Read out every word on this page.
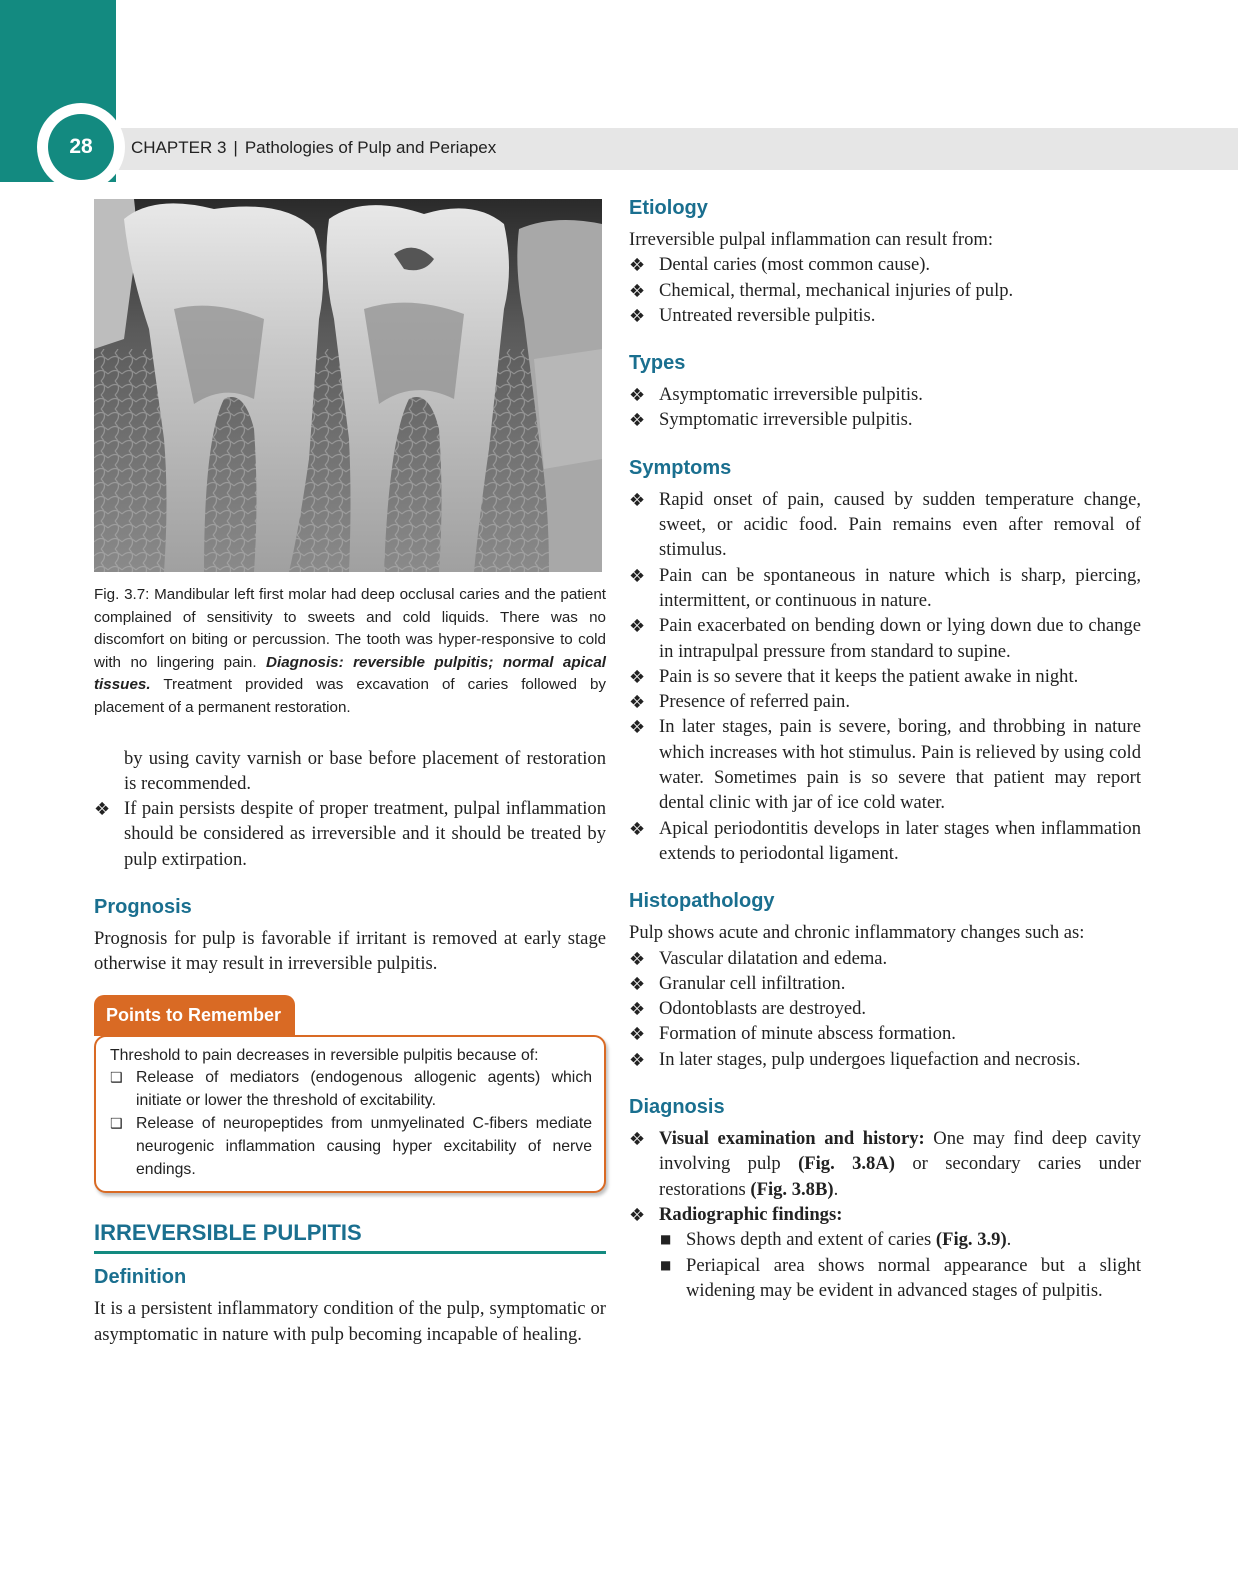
28	CHAPTER 3 | Pathologies of Pulp and Periapex
Fig. 3.7: Mandibular left first molar had deep occlusal caries and the patient complained of sensitivity to sweets and cold liquids. There was no discomfort on biting or percussion. The tooth was hyper-responsive to cold with no lingering pain. Diagnosis: reversible pulpitis; normal apical tissues. Treatment provided was excavation of caries followed by placement of a permanent restoration.
by using cavity varnish or base before placement of restoration is recommended.
❖ If pain persists despite of proper treatment, pulpal inflammation should be considered as irreversible and it should be treated by pulp extirpation.
Prognosis

Prognosis for pulp is favorable if irritant is removed at early stage otherwise it may result in irreversible pulpitis.

Points to Remember

Threshold to pain decreases in reversible pulpitis because of:

❑ Release of mediators (endogenous allogenic agents) which initiate or lower the threshold of excitability.
❑ Release of neuropeptides from unmyelinated C-fibers mediate neurogenic inflammation causing hyper excitability of nerve endings.
IRREVERSIBLE PULPITIS
Definition

It is a persistent inflammatory condition of the pulp, symptomatic or asymptomatic in nature with pulp becoming incapable of healing.

Etiology

Irreversible pulpal inflammation can result from:

❖ Dental caries (most common cause).
❖ Chemical, thermal, mechanical injuries of pulp.
❖ Untreated reversible pulpitis.
Types
❖ Asymptomatic irreversible pulpitis.
❖ Symptomatic irreversible pulpitis.
Symptoms
❖ Rapid onset of pain, caused by sudden temperature change, sweet, or acidic food. Pain remains even after removal of stimulus.
❖ Pain can be spontaneous in nature which is sharp, piercing, intermittent, or continuous in nature.
❖ Pain exacerbated on bending down or lying down due to change in intrapulpal pressure from standard to supine.
❖ Pain is so severe that it keeps the patient awake in night.
❖ Presence of referred pain.
❖ In later stages, pain is severe, boring, and throbbing in nature which increases with hot stimulus. Pain is relieved by using cold water. Sometimes pain is so severe that patient may report dental clinic with jar of ice cold water.
❖ Apical periodontitis develops in later stages when inflammation extends to periodontal ligament.
Histopathology

Pulp shows acute and chronic inflammatory changes such as:

❖ Vascular dilatation and edema.
❖ Granular cell infiltration.
❖ Odontoblasts are destroyed.
❖ Formation of minute abscess formation.
❖ In later stages, pulp undergoes liquefaction and necrosis.
Diagnosis
❖ Visual examination and history: One may find deep cavity involving pulp (Fig. 3.8A) or secondary caries under restorations (Fig. 3.8B).
❖ Radiographic findings:
■ Shows depth and extent of caries (Fig. 3.9).
■ Periapical area shows normal appearance but a slight widening may be evident in advanced stages of pulpitis.
